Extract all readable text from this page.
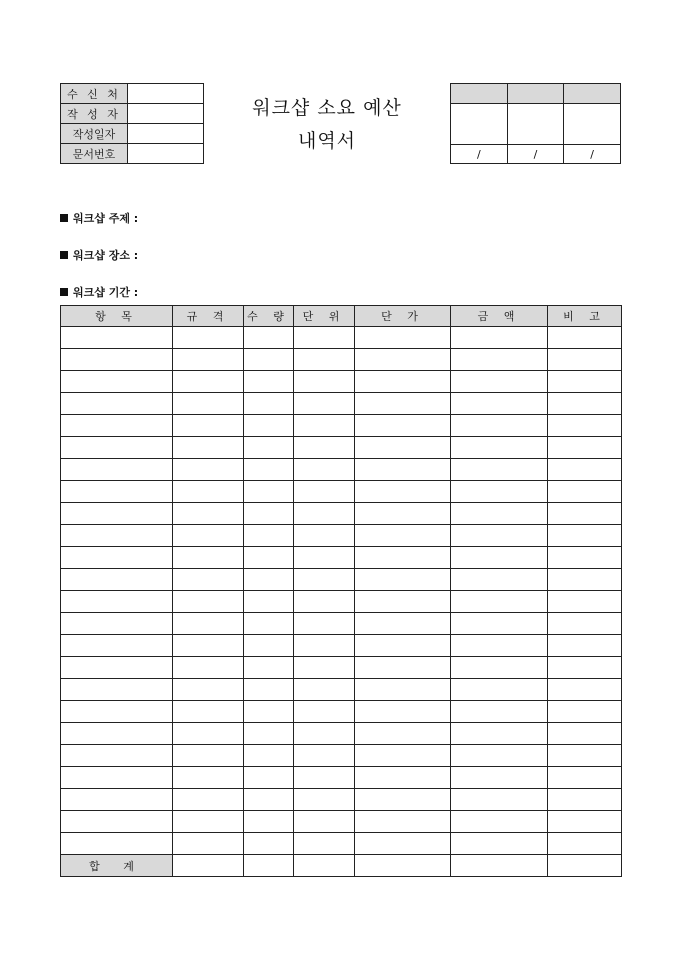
수 신 처	
작 성 자	
작성일자	
문서번호	
워크샵 소요 예산
내역서

/	/	/
워크샵 주제 :
워크샵 장소 :
워크샵 기간 :
항 목	규 격	수 량	단 위	단 가	금 액	비 고

합 계						
